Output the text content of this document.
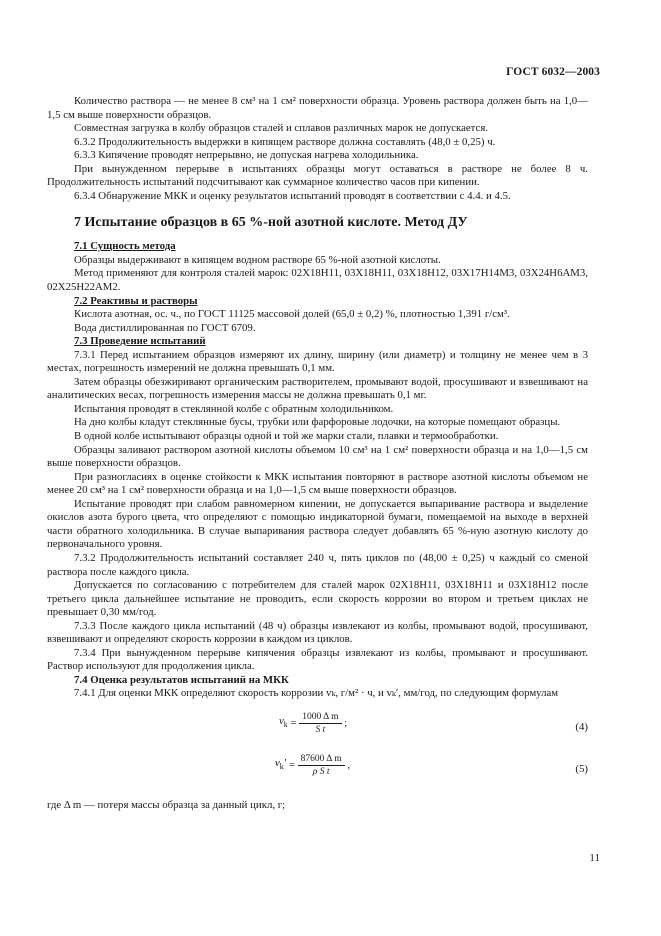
ГОСТ 6032—2003

Количество раствора — не менее 8 см³ на 1 см² поверхности образца. Уровень раствора должен быть на 1,0—1,5 см выше поверхности образцов.

Совместная загрузка в колбу образцов сталей и сплавов различных марок не допускается.

6.3.2 Продолжительность выдержки в кипящем растворе должна составлять (48,0 ± 0,25) ч.

6.3.3 Кипячение проводят непрерывно, не допуская нагрева холодильника.

При вынужденном перерыве в испытаниях образцы могут оставаться в растворе не более 8 ч. Продолжительность испытаний подсчитывают как суммарное количество часов при кипении.

6.3.4 Обнаружение МКК и оценку результатов испытаний проводят в соответствии с 4.4. и 4.5.

7 Испытание образцов в 65 %-ной азотной кислоте. Метод ДУ
7.1 Сущность метода

Образцы выдерживают в кипящем водном растворе 65 %-ной азотной кислоты.

Метод применяют для контроля сталей марок: 02Х18Н11, 03Х18Н11, 03Х18Н12, 03Х17Н14М3, 03Х24Н6АМ3, 02Х25Н22АМ2.

7.2 Реактивы и растворы

Кислота азотная, ос. ч., по ГОСТ 11125 массовой долей (65,0 ± 0,2) %, плотностью 1,391 г/см³.

Вода дистиллированная по ГОСТ 6709.

7.3 Проведение испытаний

7.3.1 Перед испытанием образцов измеряют их длину, ширину (или диаметр) и толщину не менее чем в 3 местах, погрешность измерений не должна превышать 0,1 мм.

Затем образцы обезжиривают органическим растворителем, промывают водой, просушивают и взвешивают на аналитических весах, погрешность измерения массы не должна превышать 0,1 мг.

Испытания проводят в стеклянной колбе с обратным холодильником.

На дно колбы кладут стеклянные бусы, трубки или фарфоровые лодочки, на которые помещают образцы.

В одной колбе испытывают образцы одной и той же марки стали, плавки и термообработки.

Образцы заливают раствором азотной кислоты объемом 10 см³ на 1 см² поверхности образца и на 1,0—1,5 см выше поверхности образцов.

При разногласиях в оценке стойкости к МКК испытания повторяют в растворе азотной кислоты объемом не менее 20 см³ на 1 см² поверхности образца и на 1,0—1,5 см выше поверхности образцов.

Испытание проводят при слабом равномерном кипении, не допускается выпаривание раствора и выделение окислов азота бурого цвета, что определяют с помощью индикаторной бумаги, помещаемой на выходе в верхней части обратного холодильника. В случае выпаривания раствора следует добавлять 65 %-ную азотную кислоту до первоначального уровня.

7.3.2 Продолжительность испытаний составляет 240 ч, пять циклов по (48,00 ± 0,25) ч каждый со сменой раствора после каждого цикла.

Допускается по согласованию с потребителем для сталей марок 02Х18Н11, 03Х18Н11 и 03Х18Н12 после третьего цикла дальнейшее испытание не проводить, если скорость коррозии во втором и третьем циклах не превышает 0,30 мм/год.

7.3.3 После каждого цикла испытаний (48 ч) образцы извлекают из колбы, промывают водой, просушивают, взвешивают и определяют скорость коррозии в каждом из циклов.

7.3.4 При вынужденном перерыве кипячения образцы извлекают из колбы, промывают и просушивают. Раствор используют для продолжения цикла.

7.4 Оценка результатов испытаний на МКК

7.4.1 Для оценки МКК определяют скорость коррозии vₖ, г/м² · ч, и vₖ′, мм/год, по следующим формулам

$v_k = \frac{\text{1000 Δ m}}{\text{S t}}$ ;	(4)
$v_k' = \frac{\text{87600 Δ m}}{\text{ρ S t}}$ ,	(5)

где Δ m — потеря массы образца за данный цикл, г;

11
